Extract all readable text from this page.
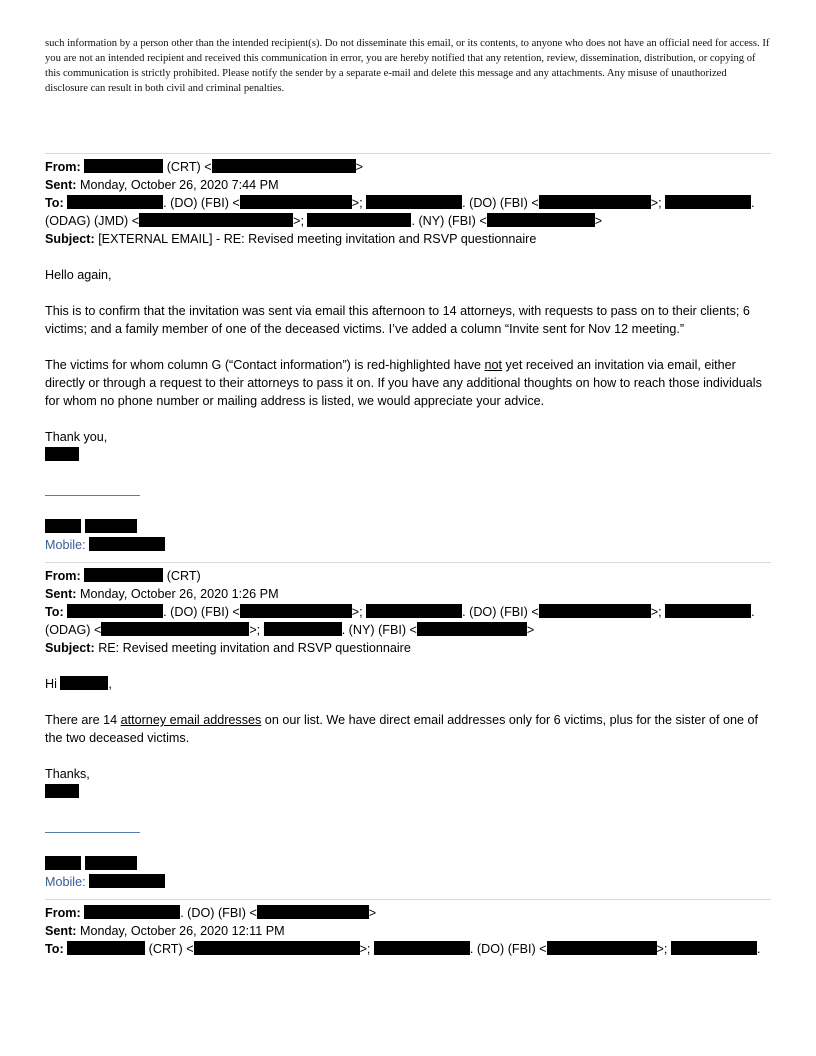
such information by a person other than the intended recipient(s). Do not disseminate this email, or its contents, to anyone who does not have an official need for access. If you are not an intended recipient and received this communication in error, you are hereby notified that any retention, review, dissemination, distribution, or copying of this communication is strictly prohibited. Please notify the sender by a separate e-mail and delete this message and any attachments. Any misuse of unauthorized disclosure can result in both civil and criminal penalties.

From:	(CRT) <	>
Sent: Monday, October 26, 2020 7:44 PM
To:	. (DO) (FBI) <	>;	. (DO) (FBI) <	>;	.
(ODAG) (JMD) <	>;	. (NY) (FBI) <	>
Subject: [EXTERNAL EMAIL] - RE: Revised meeting invitation and RSVP questionnaire

Hello again,

This is to confirm that the invitation was sent via email this afternoon to 14 attorneys, with requests to pass on to their clients; 6 victims; and a family member of one of the deceased victims. I’ve added a column “Invite sent for Nov 12 meeting.”

The victims for whom column G (“Contact information”) is red-highlighted have not yet received an invitation via email, either directly or through a request to their attorneys to pass it on. If you have any additional thoughts on how to reach those individuals for whom no phone number or mailing address is listed, we would appreciate your advice.

Thank you,

Mobile:
From:	(CRT)
Sent: Monday, October 26, 2020 1:26 PM
To:	. (DO) (FBI) <	>;	. (DO) (FBI) <	>;	.
(ODAG) <	>;	. (NY) (FBI) <	>
Subject: RE: Revised meeting invitation and RSVP questionnaire

Hi	,

There are 14 attorney email addresses on our list. We have direct email addresses only for 6 victims, plus for the sister of one of the two deceased victims.

Thanks,

Mobile:
From:	. (DO) (FBI) <	>
Sent: Monday, October 26, 2020 12:11 PM
To:	(CRT) <	>;	. (DO) (FBI) <	>;	.
